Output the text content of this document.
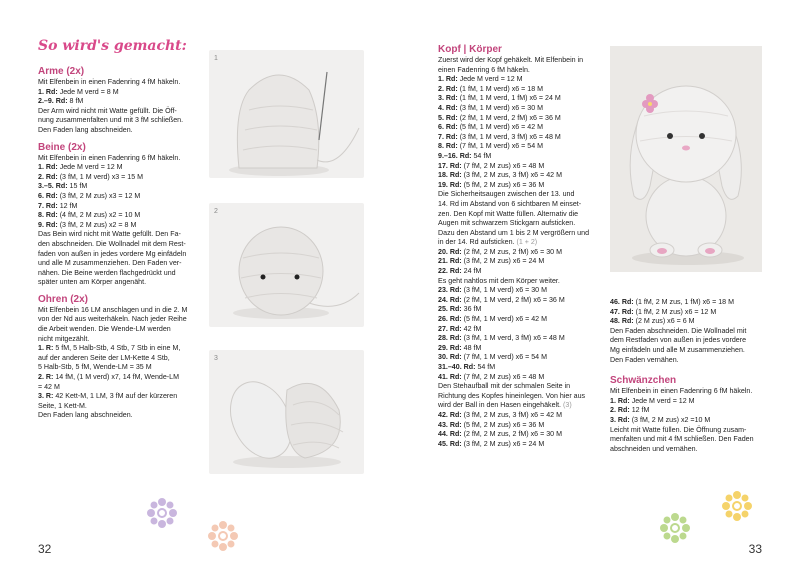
So wird's gemacht:

Arme (2x)

Mit Elfenbein in einen Fadenring 4 fM häkeln.

1. Rd: Jede M verd = 8 M

2.–9. Rd: 8 fM

Der Arm wird nicht mit Watte gefüllt. Die Öff-

nung zusammenfalten und mit 3 fM schließen.

Den Faden lang abschneiden.

Beine (2x)

Mit Elfenbein in einen Fadenring 6 fM häkeln.

1. Rd: Jede M verd = 12 M

2. Rd: (3 fM, 1 M verd) x3 = 15 M

3.–5. Rd: 15 fM

6. Rd: (3 fM, 2 M zus) x3 = 12 M

7. Rd: 12 fM

8. Rd: (4 fM, 2 M zus) x2 = 10 M

9. Rd: (3 fM, 2 M zus) x2 = 8 M

Das Bein wird nicht mit Watte gefüllt. Den Fa-

den abschneiden. Die Wollnadel mit dem Rest-

faden von außen in jedes vordere Mg einfädeln

und alle M zusammenziehen. Den Faden ver-

nähen. Die Beine werden flachgedrückt und

später unten am Körper angenäht.

Ohren (2x)

Mit Elfenbein 16 LM anschlagen und in die 2. M

von der Nd aus weiterhäkeln. Nach jeder Reihe

die Arbeit wenden. Die Wende-LM werden

nicht mitgezählt.

1. R: 5 fM, 5 Halb-Stb, 4 Stb, 7 Stb in eine M,

auf der anderen Seite der LM-Kette 4 Stb,

5 Halb-Stb, 5 fM, Wende-LM = 35 M

2. R: 14 fM, (1 M verd) x7, 14 fM, Wende-LM

= 42 M

3. R: 42 Kett-M, 1 LM, 3 fM auf der kürzeren

Seite, 1 Kett-M.

Den Faden lang abschneiden.

1
2
3
32

Kopf | Körper

Zuerst wird der Kopf gehäkelt. Mit Elfenbein in

einen Fadenring 6 fM häkeln.

1. Rd: Jede M verd = 12 M

2. Rd: (1 fM, 1 M verd) x6 = 18 M

3. Rd: (1 fM, 1 M verd, 1 fM) x6 = 24 M

4. Rd: (3 fM, 1 M verd) x6 = 30 M

5. Rd: (2 fM, 1 M verd, 2 fM) x6 = 36 M

6. Rd: (5 fM, 1 M verd) x6 = 42 M

7. Rd: (3 fM, 1 M verd, 3 fM) x6 = 48 M

8. Rd: (7 fM, 1 M verd) x6 = 54 M

9.–16. Rd: 54 fM

17. Rd: (7 fM, 2 M zus) x6 = 48 M

18. Rd: (3 fM, 2 M zus, 3 fM) x6 = 42 M

19. Rd: (5 fM, 2 M zus) x6 = 36 M

Die Sicherheitsaugen zwischen der 13. und

14. Rd im Abstand von 6 sichtbaren M einset-

zen. Den Kopf mit Watte füllen. Alternativ die

Augen mit schwarzem Stickgarn aufsticken.

Dazu den Abstand um 1 bis 2 M vergrößern und

in der 14. Rd aufsticken. (1 + 2)

20. Rd: (2 fM, 2 M zus, 2 fM) x6 = 30 M

21. Rd: (3 fM, 2 M zus) x6 = 24 M

22. Rd: 24 fM

Es geht nahtlos mit dem Körper weiter.

23. Rd: (3 fM, 1 M verd) x6 = 30 M

24. Rd: (2 fM, 1 M verd, 2 fM) x6 = 36 M

25. Rd: 36 fM

26. Rd: (5 fM, 1 M verd) x6 = 42 M

27. Rd: 42 fM

28. Rd: (3 fM, 1 M verd, 3 fM) x6 = 48 M

29. Rd: 48 fM

30. Rd: (7 fM, 1 M verd) x6 = 54 M

31.–40. Rd: 54 fM

41. Rd: (7 fM, 2 M zus) x6 = 48 M

Den Stehaufball mit der schmalen Seite in

Richtung des Kopfes hineinlegen. Von hier aus

wird der Ball in den Hasen eingehäkelt. (3)

42. Rd: (3 fM, 2 M zus, 3 fM) x6 = 42 M

43. Rd: (5 fM, 2 M zus) x6 = 36 M

44. Rd: (2 fM, 2 M zus, 2 fM) x6 = 30 M

45. Rd: (3 fM, 2 M zus) x6 = 24 M

46. Rd: (1 fM, 2 M zus, 1 fM) x6 = 18 M

47. Rd: (1 fM, 2 M zus) x6 = 12 M

48. Rd: (2 M zus) x6 = 6 M

Den Faden abschneiden. Die Wollnadel mit

dem Restfaden von außen in jedes vordere

Mg einfädeln und alle M zusammenziehen.

Den Faden vernähen.

Schwänzchen

Mit Elfenbein in einen Fadenring 6 fM häkeln.

1. Rd: Jede M verd = 12 M

2. Rd: 12 fM

3. Rd: (3 fM, 2 M zus) x2 =10 M

Leicht mit Watte füllen. Die Öffnung zusam-

menfalten und mit 4 fM schließen. Den Faden

abschneiden und vernähen.

33
